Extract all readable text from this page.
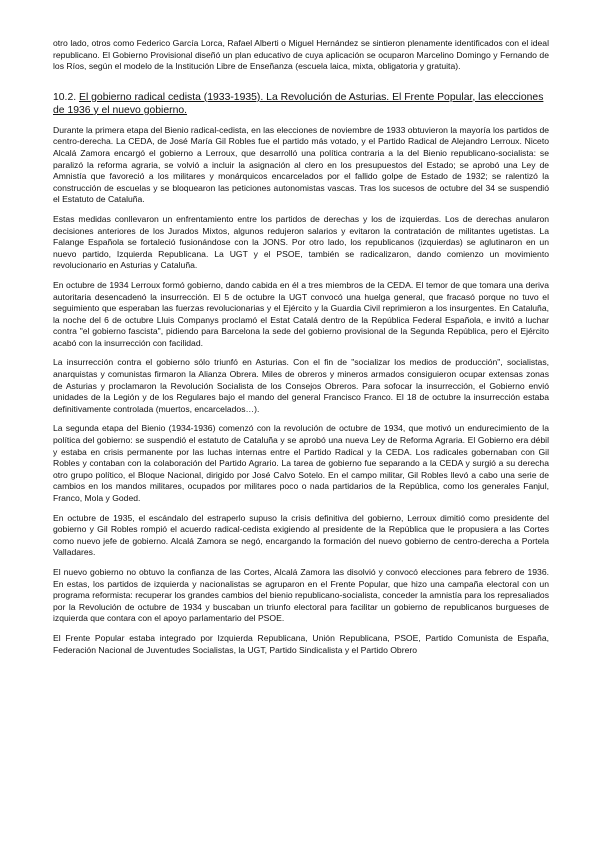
otro lado, otros como Federico García Lorca, Rafael Alberti o Miguel Hernández se sintieron plenamente identificados con el ideal republicano. El Gobierno Provisional diseñó un plan educativo de cuya aplicación se ocuparon Marcelino Domingo y Fernando de los Ríos, según el modelo de la Institución Libre de Enseñanza (escuela laica, mixta, obligatoria y gratuita).

10.2. El gobierno radical cedista (1933-1935). La Revolución de Asturias. El Frente Popular, las elecciones de 1936 y el nuevo gobierno.

Durante la primera etapa del Bienio radical-cedista, en las elecciones de noviembre de 1933 obtuvieron la mayoría los partidos de centro-derecha. La CEDA, de José María Gil Robles fue el partido más votado, y el Partido Radical de Alejandro Lerroux. Niceto Alcalá Zamora encargó el gobierno a Lerroux, que desarrolló una política contraria a la del Bienio republicano-socialista: se paralizó la reforma agraria, se volvió a incluir la asignación al clero en los presupuestos del Estado; se aprobó una Ley de Amnistía que favoreció a los militares y monárquicos encarcelados por el fallido golpe de Estado de 1932; se ralentizó la construcción de escuelas y se bloquearon las peticiones autonomistas vascas. Tras los sucesos de octubre del 34 se suspendió el Estatuto de Cataluña.

Estas medidas conllevaron un enfrentamiento entre los partidos de derechas y los de izquierdas. Los de derechas anularon decisiones anteriores de los Jurados Mixtos, algunos redujeron salarios y evitaron la contratación de militantes ugetistas. La Falange Española se fortaleció fusionándose con la JONS. Por otro lado, los republicanos (izquierdas) se aglutinaron en un nuevo partido, Izquierda Republicana. La UGT y el PSOE, también se radicalizaron, dando comienzo un movimiento revolucionario en Asturias y Cataluña.

En octubre de 1934 Lerroux formó gobierno, dando cabida en él a tres miembros de la CEDA. El temor de que tomara una deriva autoritaria desencadenó la insurrección. El 5 de octubre la UGT convocó una huelga general, que fracasó porque no tuvo el seguimiento que esperaban las fuerzas revolucionarias y el Ejército y la Guardia Civil reprimieron a los insurgentes. En Cataluña, la noche del 6 de octubre Lluis Companys proclamó el Estat Catalá dentro de la República Federal Española, e invitó a luchar contra "el gobierno fascista", pidiendo para Barcelona la sede del gobierno provisional de la Segunda República, pero el Ejército acabó con la insurrección con facilidad.

La insurrección contra el gobierno sólo triunfó en Asturias. Con el fin de "socializar los medios de producción", socialistas, anarquistas y comunistas firmaron la Alianza Obrera. Miles de obreros y mineros armados consiguieron ocupar extensas zonas de Asturias y proclamaron la Revolución Socialista de los Consejos Obreros. Para sofocar la insurrección, el Gobierno envió unidades de la Legión y de los Regulares bajo el mando del general Francisco Franco. El 18 de octubre la insurrección estaba definitivamente controlada (muertos, encarcelados…).

La segunda etapa del Bienio (1934-1936) comenzó con la revolución de octubre de 1934, que motivó un endurecimiento de la política del gobierno: se suspendió el estatuto de Cataluña y se aprobó una nueva Ley de Reforma Agraria. El Gobierno era débil y estaba en crisis permanente por las luchas internas entre el Partido Radical y la CEDA. Los radicales gobernaban con Gil Robles y contaban con la colaboración del Partido Agrario. La tarea de gobierno fue separando a la CEDA y surgió a su derecha otro grupo político, el Bloque Nacional, dirigido por José Calvo Sotelo. En el campo militar, Gil Robles llevó a cabo una serie de cambios en los mandos militares, ocupados por militares poco o nada partidarios de la República, como los generales Fanjul, Franco, Mola y Goded.

En octubre de 1935, el escándalo del estraperlo supuso la crisis definitiva del gobierno, Lerroux dimitió como presidente del gobierno y Gil Robles rompió el acuerdo radical-cedista exigiendo al presidente de la República que le propusiera a las Cortes como nuevo jefe de gobierno. Alcalá Zamora se negó, encargando la formación del nuevo gobierno de centro-derecha a Portela Valladares.

El nuevo gobierno no obtuvo la confianza de las Cortes, Alcalá Zamora las disolvió y convocó elecciones para febrero de 1936. En estas, los partidos de izquierda y nacionalistas se agruparon en el Frente Popular, que hizo una campaña electoral con un programa reformista: recuperar los grandes cambios del bienio republicano-socialista, conceder la amnistía para los represaliados por la Revolución de octubre de 1934 y buscaban un triunfo electoral para facilitar un gobierno de republicanos burgueses de izquierda que contara con el apoyo parlamentario del PSOE.

El Frente Popular estaba integrado por Izquierda Republicana, Unión Republicana, PSOE, Partido Comunista de España, Federación Nacional de Juventudes Socialistas, la UGT, Partido Sindicalista y el Partido Obrero
